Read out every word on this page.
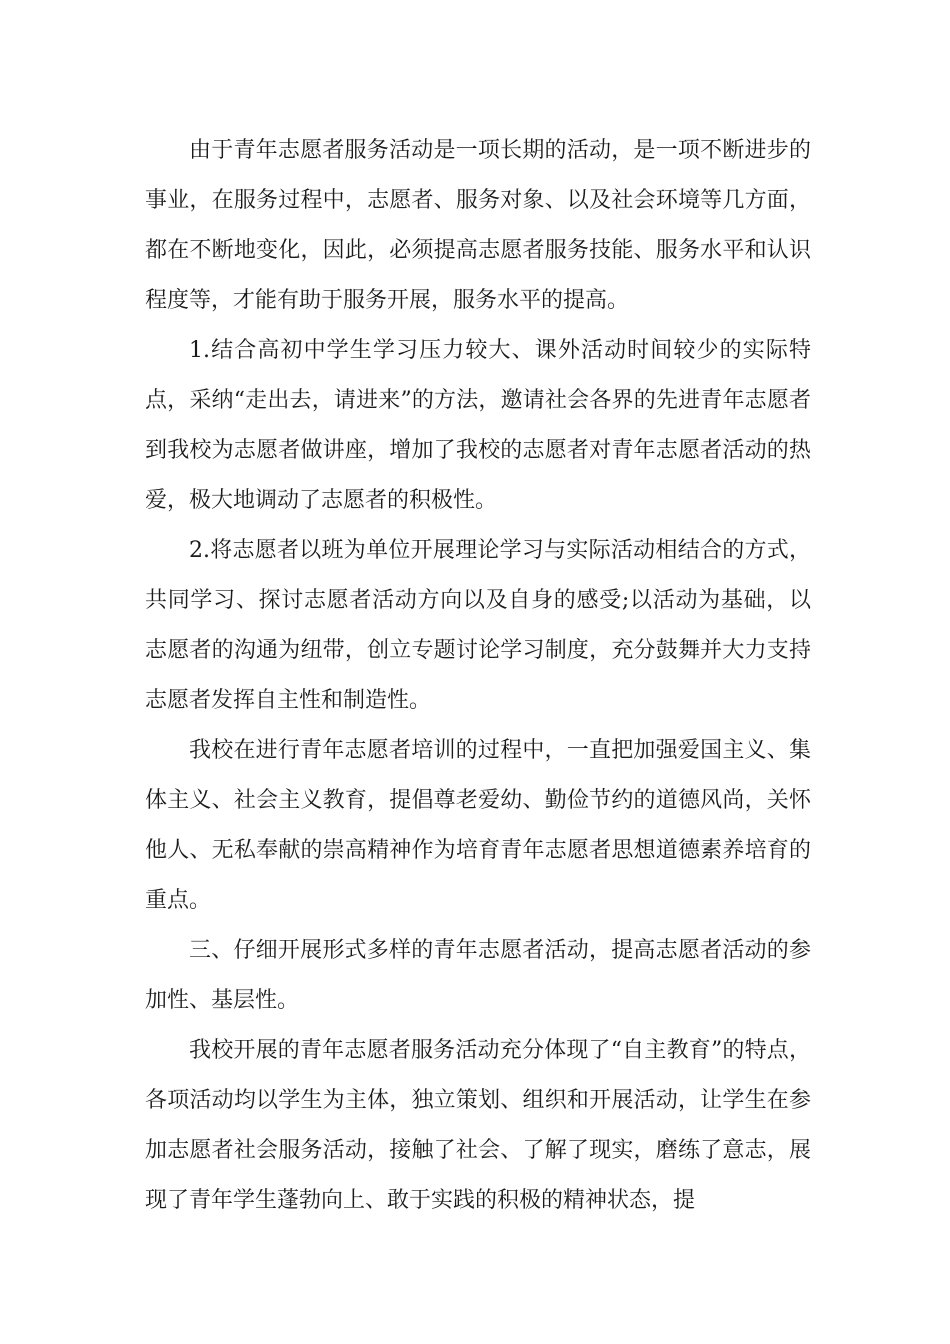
由于青年志愿者服务活动是一项长期的活动，是一项不断进步的事业，在服务过程中，志愿者、服务对象、以及社会环境等几方面，都在不断地变化，因此，必须提高志愿者服务技能、服务水平和认识程度等，才能有助于服务开展，服务水平的提高。

1.结合高初中学生学习压力较大、课外活动时间较少的实际特点，采纳“走出去，请进来”的方法，邀请社会各界的先进青年志愿者到我校为志愿者做讲座，增加了我校的志愿者对青年志愿者活动的热爱，极大地调动了志愿者的积极性。

2.将志愿者以班为单位开展理论学习与实际活动相结合的方式，共同学习、探讨志愿者活动方向以及自身的感受;以活动为基础，以志愿者的沟通为纽带，创立专题讨论学习制度，充分鼓舞并大力支持志愿者发挥自主性和制造性。

我校在进行青年志愿者培训的过程中，一直把加强爱国主义、集体主义、社会主义教育，提倡尊老爱幼、勤俭节约的道德风尚，关怀他人、无私奉献的崇高精神作为培育青年志愿者思想道德素养培育的重点。

三、仔细开展形式多样的青年志愿者活动，提高志愿者活动的参加性、基层性。

我校开展的青年志愿者服务活动充分体现了“自主教育”的特点，各项活动均以学生为主体，独立策划、组织和开展活动，让学生在参加志愿者社会服务活动，接触了社会、了解了现实，磨练了意志，展现了青年学生蓬勃向上、敢于实践的积极的精神状态，提
